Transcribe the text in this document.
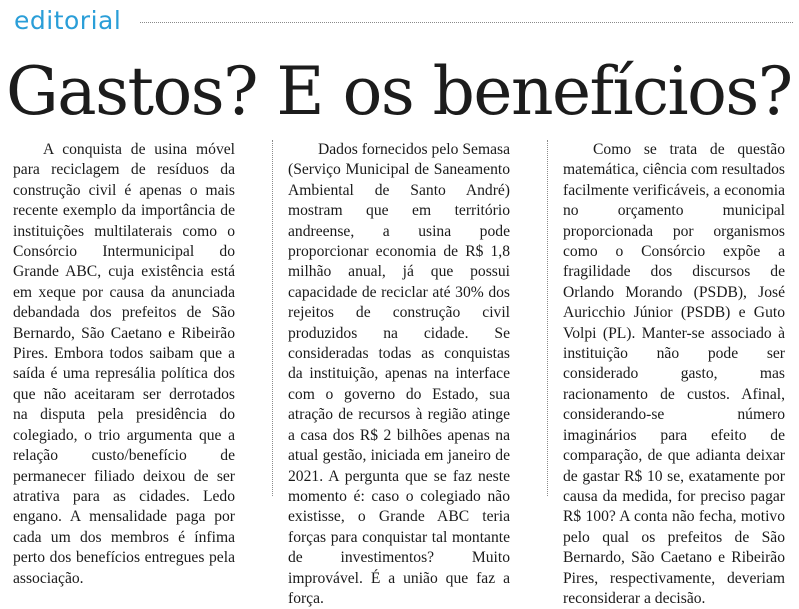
editorial
Gastos? E os benefícios?

A conquista de usina móvel para reciclagem de resíduos da construção civil é apenas o mais recente exemplo da importância de instituições multilaterais como o Consórcio Intermunicipal do Grande ABC, cuja existência está em xeque por causa da anunciada debandada dos prefeitos de São Bernardo, São Caetano e Ribeirão Pires. Embora todos saibam que a saída é uma represália política dos que não aceitaram ser derrotados na disputa pela presidência do colegiado, o trio argumenta que a relação custo/benefício de permanecer filiado deixou de ser atrativa para as cidades. Ledo engano. A mensalidade paga por cada um dos membros é ínfima perto dos benefícios entregues pela associação.

Dados fornecidos pelo Semasa (Serviço Municipal de Saneamento Ambiental de Santo André) mostram que em território andreense, a usina pode proporcionar economia de R$ 1,8 milhão anual, já que possui capacidade de reciclar até 30% dos rejeitos de construção civil produzidos na cidade. Se consideradas todas as conquistas da instituição, apenas na interface com o governo do Estado, sua atração de recursos à região atinge a casa dos R$ 2 bilhões apenas na atual gestão, iniciada em janeiro de 2021. A pergunta que se faz neste momento é: caso o colegiado não existisse, o Grande ABC teria forças para conquistar tal montante de investimentos? Muito improvável. É a união que faz a força.

Como se trata de questão matemática, ciência com resultados facilmente verificáveis, a economia no orçamento municipal proporcionada por organismos como o Consórcio expõe a fragilidade dos discursos de Orlando Morando (PSDB), José Auricchio Júnior (PSDB) e Guto Volpi (PL). Manter-se associado à instituição não pode ser considerado gasto, mas racionamento de custos. Afinal, considerando-se número imaginários para efeito de comparação, de que adianta deixar de gastar R$ 10 se, exatamente por causa da medida, for preciso pagar R$ 100? A conta não fecha, motivo pelo qual os prefeitos de São Bernardo, São Caetano e Ribeirão Pires, respectivamente, deveriam reconsiderar a decisão.
